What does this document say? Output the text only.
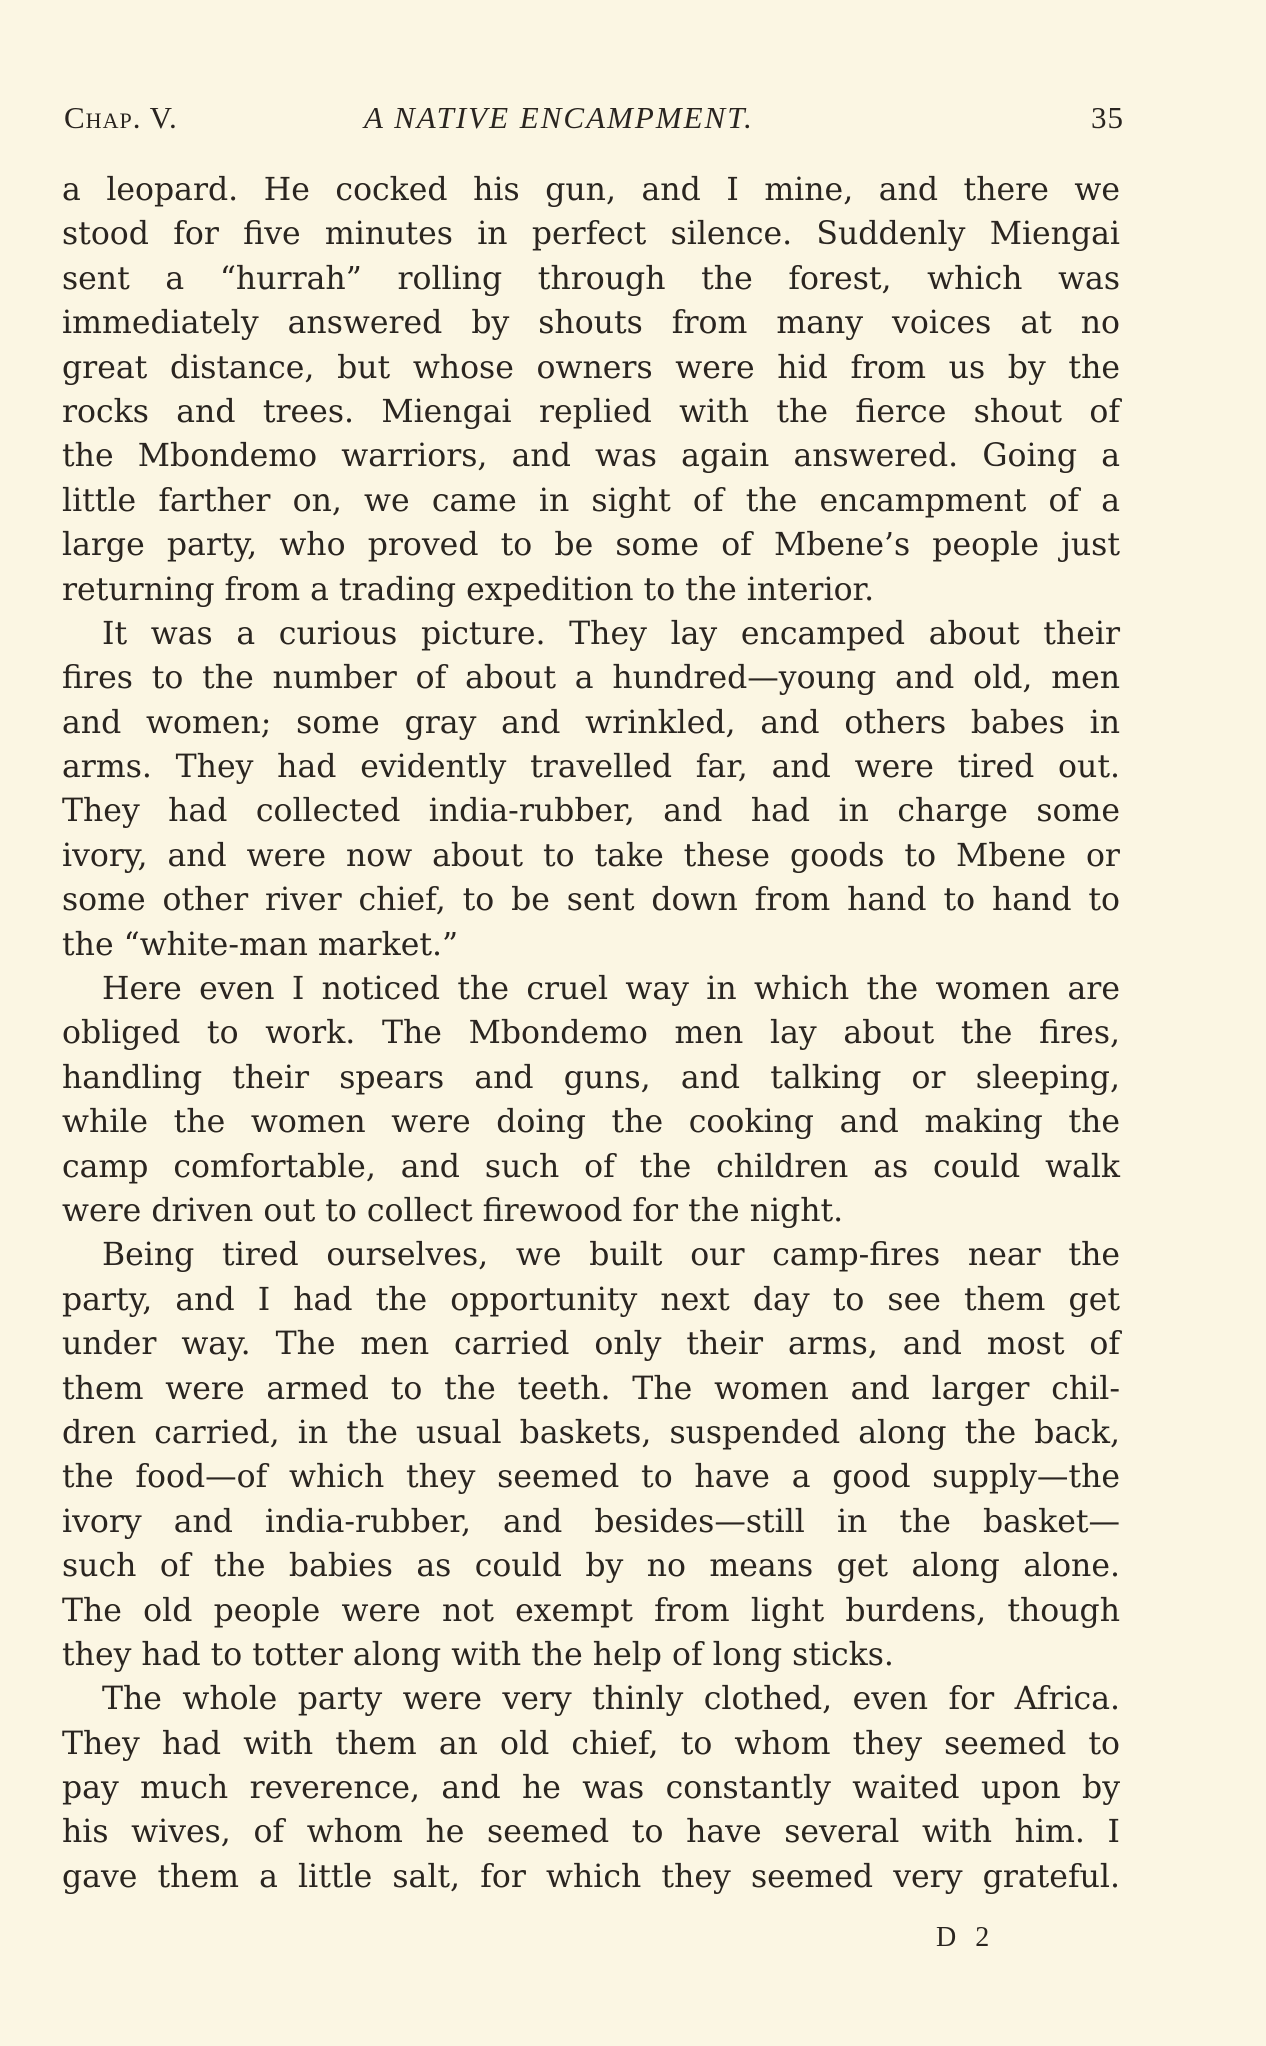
Chap. V.	A NATIVE ENCAMPMENT.	35
a leopard. He cocked his gun, and I mine, and there we
stood for five minutes in perfect silence. Suddenly Miengai
sent a “hurrah” rolling through the forest, which was
immediately answered by shouts from many voices at no
great distance, but whose owners were hid from us by the
rocks and trees. Miengai replied with the fierce shout of
the Mbondemo warriors, and was again answered. Going a
little farther on, we came in sight of the encampment of a
large party, who proved to be some of Mbene’s people just
returning from a trading expedition to the interior.
It was a curious picture. They lay encamped about their
fires to the number of about a hundred—young and old, men
and women; some gray and wrinkled, and others babes in
arms. They had evidently travelled far, and were tired out.
They had collected india-rubber, and had in charge some
ivory, and were now about to take these goods to Mbene or
some other river chief, to be sent down from hand to hand to
the “white-man market.”
Here even I noticed the cruel way in which the women are
obliged to work. The Mbondemo men lay about the fires,
handling their spears and guns, and talking or sleeping,
while the women were doing the cooking and making the
camp comfortable, and such of the children as could walk
were driven out to collect firewood for the night.
Being tired ourselves, we built our camp-fires near the
party, and I had the opportunity next day to see them get
under way. The men carried only their arms, and most of
them were armed to the teeth. The women and larger chil-
dren carried, in the usual baskets, suspended along the back,
the food—of which they seemed to have a good supply—the
ivory and india-rubber, and besides—still in the basket—
such of the babies as could by no means get along alone.
The old people were not exempt from light burdens, though
they had to totter along with the help of long sticks.
The whole party were very thinly clothed, even for Africa.
They had with them an old chief, to whom they seemed to
pay much reverence, and he was constantly waited upon by
his wives, of whom he seemed to have several with him. I
gave them a little salt, for which they seemed very grateful.
D 2
